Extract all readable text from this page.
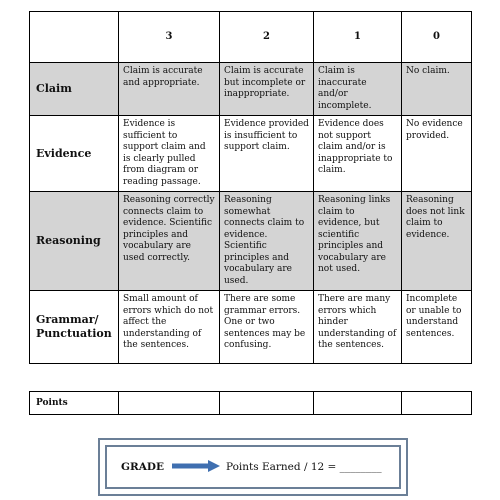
	3	2	1	0
Claim	Claim is accurate and appropriate.	Claim is accurate but incomplete or inappropriate.	Claim is inaccurate and/or incomplete.	No claim.
Evidence	Evidence is sufficient to support claim and is clearly pulled from diagram or reading passage.	Evidence provided is insufficient to support claim.	Evidence does not support claim and/or is inappropriate to claim.	No evidence provided.
Reasoning	Reasoning correctly connects claim to evidence. Scientific principles and vocabulary are used correctly.	Reasoning somewhat connects claim to evidence. Scientific principles and vocabulary are used.	Reasoning links claim to evidence, but scientific principles and vocabulary are not used.	Reasoning does not link claim to evidence.
Grammar/ Punctuation	Small amount of errors which do not affect the understanding of the sentences.	There are some grammar errors. One or two sentences may be confusing.	There are many errors which hinder understanding of the sentences.	Incomplete or unable to understand sentences.
Points				
GRADE	Points Earned / 12 = ________
